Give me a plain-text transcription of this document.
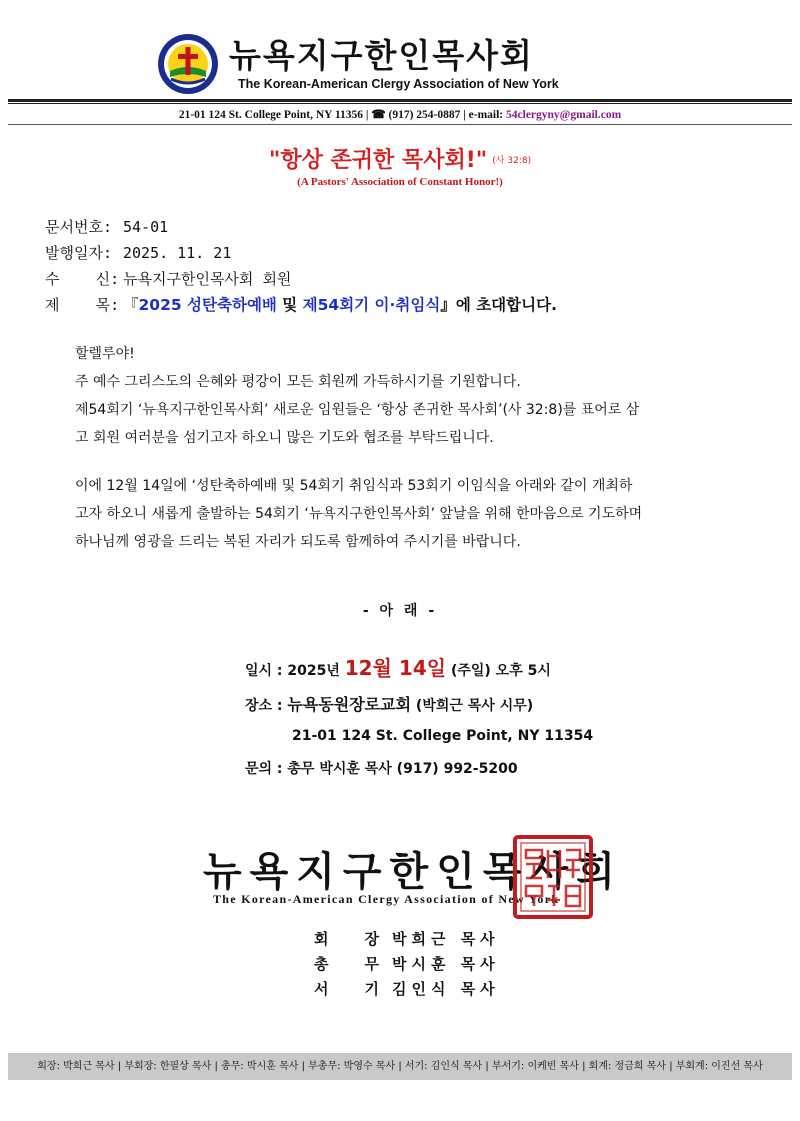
뉴욕지구한인목사회
The Korean-American Clergy Association of New York
21-01 124 St. College Point, NY 11356 | ☎ (917) 254-0887 | e-mail: 54clergyny@gmail.com
"항상 존귀한 목사회!" $^{(사 32:8)}$
(A Pastors' Association of Constant Honor!)
문서번호: 54-01
발행일자: 2025. 11. 21
수    신: 뉴욕지구한인목사회 회원
제    목: 『2025 성탄축하예배 및 제54회기 이·취임식』에 초대합니다.
할렐루야!
주 예수 그리스도의 은혜와 평강이 모든 회원께 가득하시기를 기원합니다.
제54회기 ‘뉴욕지구한인목사회’ 새로운 임원들은 ‘항상 존귀한 목사회’(사 32:8)를 표어로 삼
고 회원 여러분을 섬기고자 하오니 많은 기도와 협조를 부탁드립니다.
이에 12월 14일에 ‘성탄축하예배 및 54회기 취임식과 53회기 이임식을 아래와 같이 개최하
고자 하오니 새롭게 출발하는 54회기 ‘뉴욕지구한인목사회’ 앞날을 위해 한마음으로 기도하며
하나님께 영광을 드리는 복된 자리가 되도록 함께하여 주시기를 바랍니다.
- 아 래 -
일시 : 2025년 12월 14일 (주일) 오후 5시
장소 : 뉴욕동원장로교회 (박희근 목사 시무)
21-01 124 St. College Point, NY 11354
문의 : 총무 박시훈 목사 (917) 992-5200
뉴욕지구한인목사회
The Korean-American Clergy Association of New York
회장박희근 목사
총무박시훈 목사
서기김인식 목사
회장: 박희근 목사 | 부회장: 한필상 목사 | 총무: 박시훈 목사 | 부총무: 박영수 목사 | 서기: 김인식 목사 | 부서기: 이케빈 목사 | 회계: 정금희 목사 | 부회계: 이진선 목사
